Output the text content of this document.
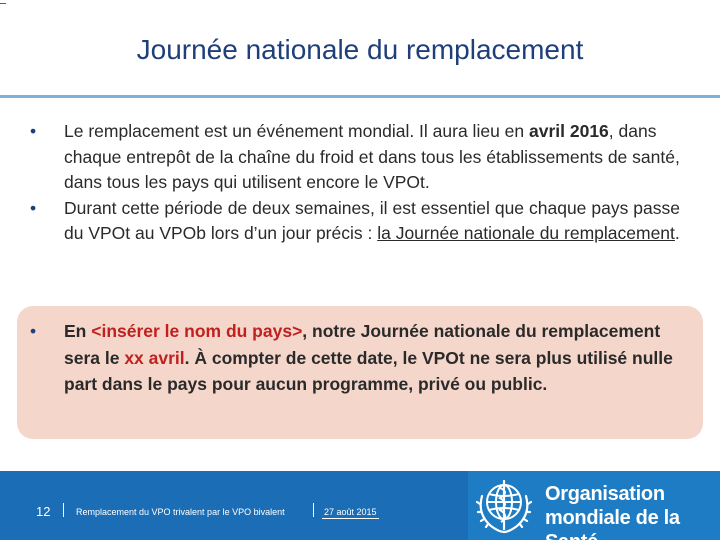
Journée nationale du remplacement
•	Le remplacement est un événement mondial. Il aura lieu en avril 2016, dans chaque entrepôt de la chaîne du froid et dans tous les établissements de santé, dans tous les pays qui utilisent encore le VPOt.
•	Durant cette période de deux semaines, il est essentiel que chaque pays passe du VPOt au VPOb lors d’un jour précis : la Journée nationale du remplacement.
•	En <insérer le nom du pays>, notre Journée nationale du remplacement sera le xx avril. À compter de cette date, le VPOt ne sera plus utilisé nulle part dans le pays pour aucun programme, privé ou public.
12	Remplacement du VPO trivalent par le VPO bivalent	27 août 2015
Organisation
mondiale de la Santé
